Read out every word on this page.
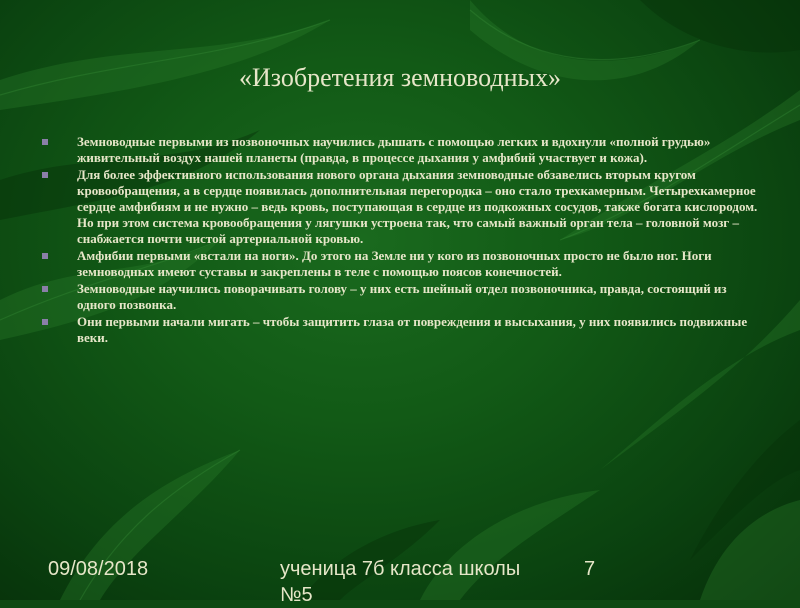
«Изобретения земноводных»
Земноводные первыми из позвоночных научились дышать с помощью легких и вдохнули «полной грудью» живительный воздух нашей планеты (правда, в процессе дыхания у амфибий участвует и кожа).
Для более эффективного использования нового органа дыхания земноводные обзавелись вторым кругом кровообращения, а в сердце появилась дополнительная перегородка – оно стало трехкамерным. Четырехкамерное сердце амфибиям и не нужно – ведь кровь, поступающая в сердце из подкожных сосудов, также богата кислородом. Но при этом система кровообращения у лягушки устроена так, что самый важный орган тела – головной мозг – снабжается почти чистой артериальной кровью.
Амфибии первыми «встали на ноги». До этого на Земле ни у кого из позвоночных просто не было ног. Ноги земноводных имеют суставы и закреплены в теле с помощью поясов конечностей.
Земноводные научились поворачивать голову – у них есть шейный отдел позвоночника, правда, состоящий из одного позвонка.
Они первыми начали мигать – чтобы защитить глаза от повреждения и высыхания, у них появились подвижные веки.
09/08/2018	ученица 7б класса школы №5
7
